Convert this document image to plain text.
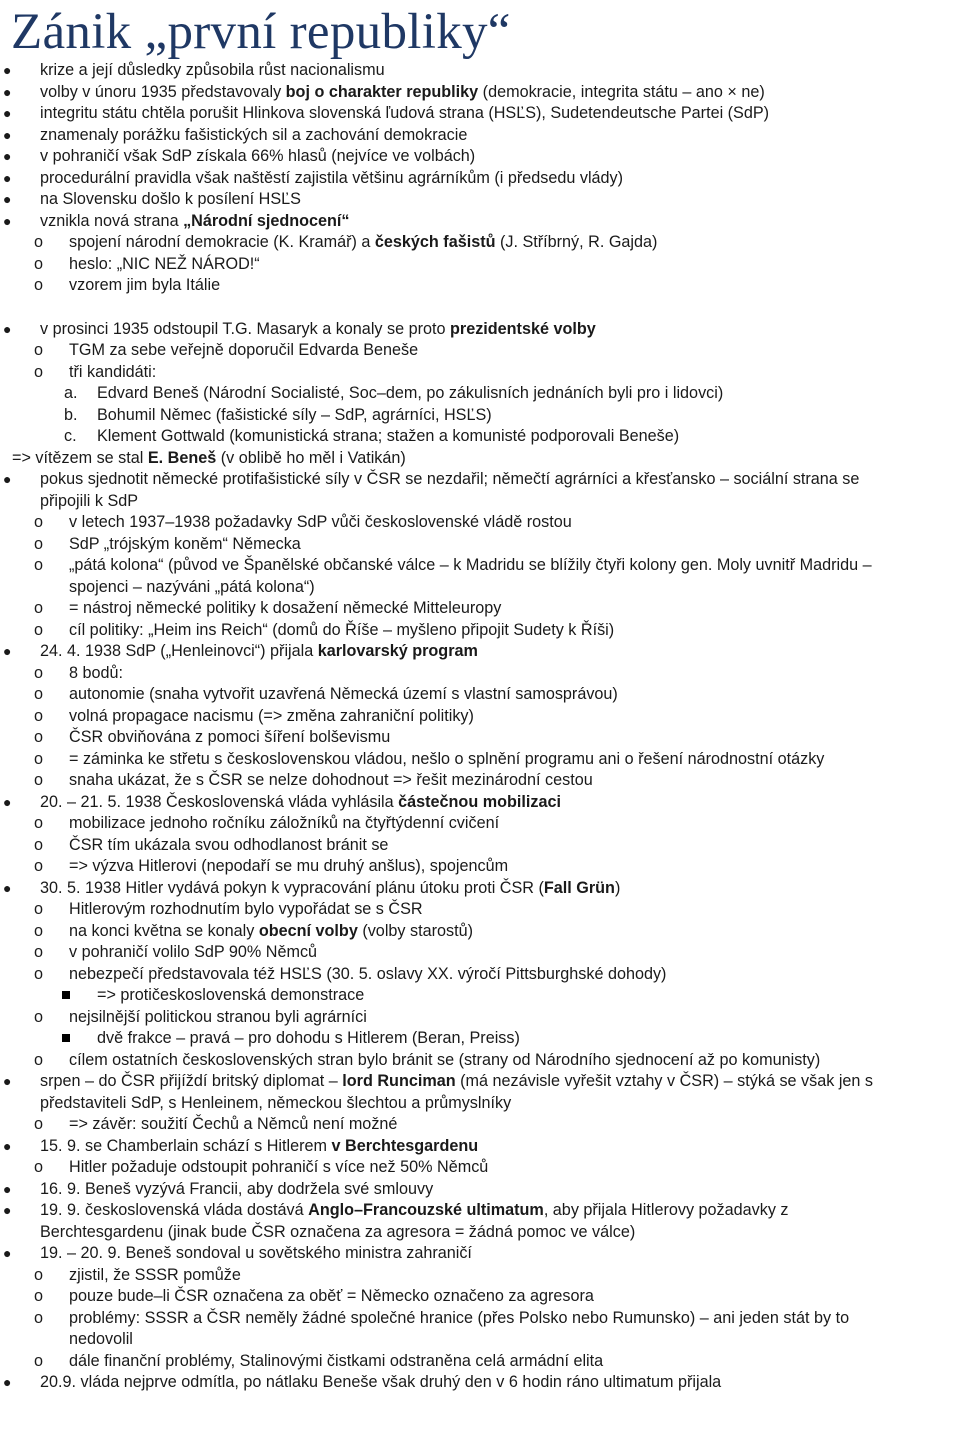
Zánik „první republiky“
● krize a její důsledky způsobila růst nacionalismu
● volby v únoru 1935 představovaly boj o charakter republiky (demokracie, integrita státu – ano × ne)
● integritu státu chtěla porušit Hlinkova slovenská ľudová strana (HSĽS), Sudetendeutsche Partei (SdP)
● znamenaly porážku fašistických sil a zachování demokracie
● v pohraničí však SdP získala 66% hlasů (nejvíce ve volbách)
● procedurální pravidla však naštěstí zajistila většinu agrárníkům (i předsedu vlády)
● na Slovensku došlo k posílení HSĽS
● vznikla nová strana „Národní sjednocení“
o spojení národní demokracie (K. Kramář) a českých fašistů (J. Stříbrný, R. Gajda)
o heslo: „NIC NEŽ NÁROD!“
o vzorem jim byla Itálie
● v prosinci 1935 odstoupil T.G. Masaryk a konaly se proto prezidentské volby
o TGM za sebe veřejně doporučil Edvarda Beneše
o tři kandidáti:
a. Edvard Beneš (Národní Socialisté, Soc–dem, po zákulisních jednáních byli pro i lidovci)
b. Bohumil Němec (fašistické síly – SdP, agrárníci, HSĽS)
c. Klement Gottwald (komunistická strana; stažen a komunisté podporovali Beneše)
=> vítězem se stal E. Beneš (v oblibě ho měl i Vatikán)
● pokus sjednotit německé protifašistické síly v ČSR se nezdařil; němečtí agrárníci a křesťansko – sociální strana se
připojili k SdP
o v letech 1937–1938 požadavky SdP vůči československé vládě rostou
o SdP „trójským koněm“ Německa
o „pátá kolona“ (původ ve Španělské občanské válce – k Madridu se blížily čtyři kolony gen. Moly uvnitř Madridu –
spojenci – nazýváni „pátá kolona“)
o = nástroj německé politiky k dosažení německé Mitteleuropy
o cíl politiky: „Heim ins Reich“ (domů do Říše – myšleno připojit Sudety k Říši)
● 24. 4. 1938 SdP („Henleinovci“) přijala karlovarský program
o 8 bodů:
o autonomie (snaha vytvořit uzavřená Německá území s vlastní samosprávou)
o volná propagace nacismu (=> změna zahraniční politiky)
o ČSR obviňována z pomoci šíření bolševismu
o = záminka ke střetu s československou vládou, nešlo o splnění programu ani o řešení národnostní otázky
o snaha ukázat, že s ČSR se nelze dohodnout => řešit mezinárodní cestou
● 20. – 21. 5. 1938 Československá vláda vyhlásila částečnou mobilizaci
o mobilizace jednoho ročníku záložníků na čtyřtýdenní cvičení
o ČSR tím ukázala svou odhodlanost bránit se
o => výzva Hitlerovi (nepodaří se mu druhý anšlus), spojencům
● 30. 5. 1938 Hitler vydává pokyn k vypracování plánu útoku proti ČSR (Fall Grün)
o Hitlerovým rozhodnutím bylo vypořádat se s ČSR
o na konci května se konaly obecní volby (volby starostů)
o v pohraničí volilo SdP 90% Němců
o nebezpečí představovala též HSĽS (30. 5. oslavy XX. výročí Pittsburghské dohody)
=> protičeskoslovenská demonstrace
o nejsilnější politickou stranou byli agrárníci
dvě frakce – pravá – pro dohodu s Hitlerem (Beran, Preiss)
o cílem ostatních československých stran bylo bránit se (strany od Národního sjednocení až po komunisty)
● srpen – do ČSR přijíždí britský diplomat – lord Runciman (má nezávisle vyřešit vztahy v ČSR) – stýká se však jen s
představiteli SdP, s Henleinem, německou šlechtou a průmyslníky
o => závěr: soužití Čechů a Němců není možné
● 15. 9. se Chamberlain schází s Hitlerem v Berchtesgardenu
o Hitler požaduje odstoupit pohraničí s více než 50% Němců
● 16. 9. Beneš vyzývá Francii, aby dodržela své smlouvy
● 19. 9. československá vláda dostává Anglo–Francouzské ultimatum, aby přijala Hitlerovy požadavky z
Berchtesgardenu (jinak bude ČSR označena za agresora = žádná pomoc ve válce)
● 19. – 20. 9. Beneš sondoval u sovětského ministra zahraničí
o zjistil, že SSSR pomůže
o pouze bude–li ČSR označena za oběť = Německo označeno za agresora
o problémy: SSSR a ČSR neměly žádné společné hranice (přes Polsko nebo Rumunsko) – ani jeden stát by to
nedovolil
o dále finanční problémy, Stalinovými čistkami odstraněna celá armádní elita
● 20.9. vláda nejprve odmítla, po nátlaku Beneše však druhý den v 6 hodin ráno ultimatum přijala
